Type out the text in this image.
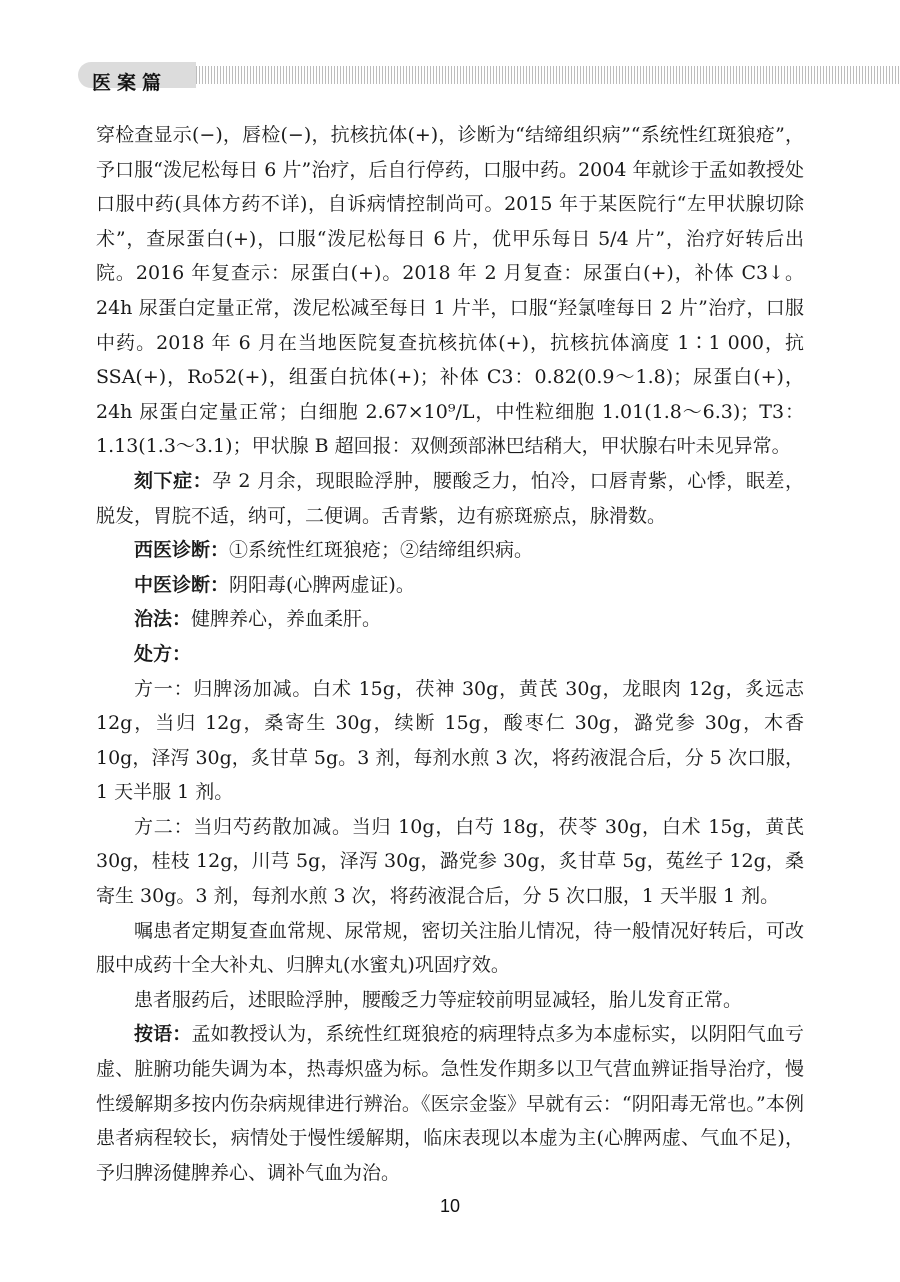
医案篇

穿检查显示(−)，唇检(−)，抗核抗体(+)，诊断为“结缔组织病”“系统性红斑狼疮”，予口服“泼尼松每日 6 片”治疗，后自行停药，口服中药。2004 年就诊于孟如教授处口服中药(具体方药不详)，自诉病情控制尚可。2015 年于某医院行“左甲状腺切除术”，查尿蛋白(+)，口服“泼尼松每日 6 片，优甲乐每日 5/4 片”，治疗好转后出院。2016 年复查示：尿蛋白(+)。2018 年 2 月复查：尿蛋白(+)，补体 C3↓。24h 尿蛋白定量正常，泼尼松减至每日 1 片半，口服“羟氯喹每日 2 片”治疗，口服中药。2018 年 6 月在当地医院复查抗核抗体(+)，抗核抗体滴度 1∶1 000，抗 SSA(+)，Ro52(+)，组蛋白抗体(+)；补体 C3：0.82(0.9～1.8)；尿蛋白(+)，24h 尿蛋白定量正常；白细胞 2.67×10⁹/L，中性粒细胞 1.01(1.8～6.3)；T3：1.13(1.3～3.1)；甲状腺 B 超回报：双侧颈部淋巴结稍大，甲状腺右叶未见异常。

刻下症：孕 2 月余，现眼睑浮肿，腰酸乏力，怕冷，口唇青紫，心悸，眠差，脱发，胃脘不适，纳可，二便调。舌青紫，边有瘀斑瘀点，脉滑数。

西医诊断：①系统性红斑狼疮；②结缔组织病。

中医诊断：阴阳毒(心脾两虚证)。

治法：健脾养心，养血柔肝。

处方：

方一：归脾汤加减。白术 15g，茯神 30g，黄芪 30g，龙眼肉 12g，炙远志 12g，当归 12g，桑寄生 30g，续断 15g，酸枣仁 30g，潞党参 30g，木香 10g，泽泻 30g，炙甘草 5g。3 剂，每剂水煎 3 次，将药液混合后，分 5 次口服，1 天半服 1 剂。

方二：当归芍药散加减。当归 10g，白芍 18g，茯苓 30g，白术 15g，黄芪 30g，桂枝 12g，川芎 5g，泽泻 30g，潞党参 30g，炙甘草 5g，菟丝子 12g，桑寄生 30g。3 剂，每剂水煎 3 次，将药液混合后，分 5 次口服，1 天半服 1 剂。

嘱患者定期复查血常规、尿常规，密切关注胎儿情况，待一般情况好转后，可改服中成药十全大补丸、归脾丸(水蜜丸)巩固疗效。

患者服药后，述眼睑浮肿，腰酸乏力等症较前明显减轻，胎儿发育正常。

按语：孟如教授认为，系统性红斑狼疮的病理特点多为本虚标实，以阴阳气血亏虚、脏腑功能失调为本，热毒炽盛为标。急性发作期多以卫气营血辨证指导治疗，慢性缓解期多按内伤杂病规律进行辨治。《医宗金鉴》早就有云：“阴阳毒无常也。”本例患者病程较长，病情处于慢性缓解期，临床表现以本虚为主(心脾两虚、气血不足)，予归脾汤健脾养心、调补气血为治。

10
